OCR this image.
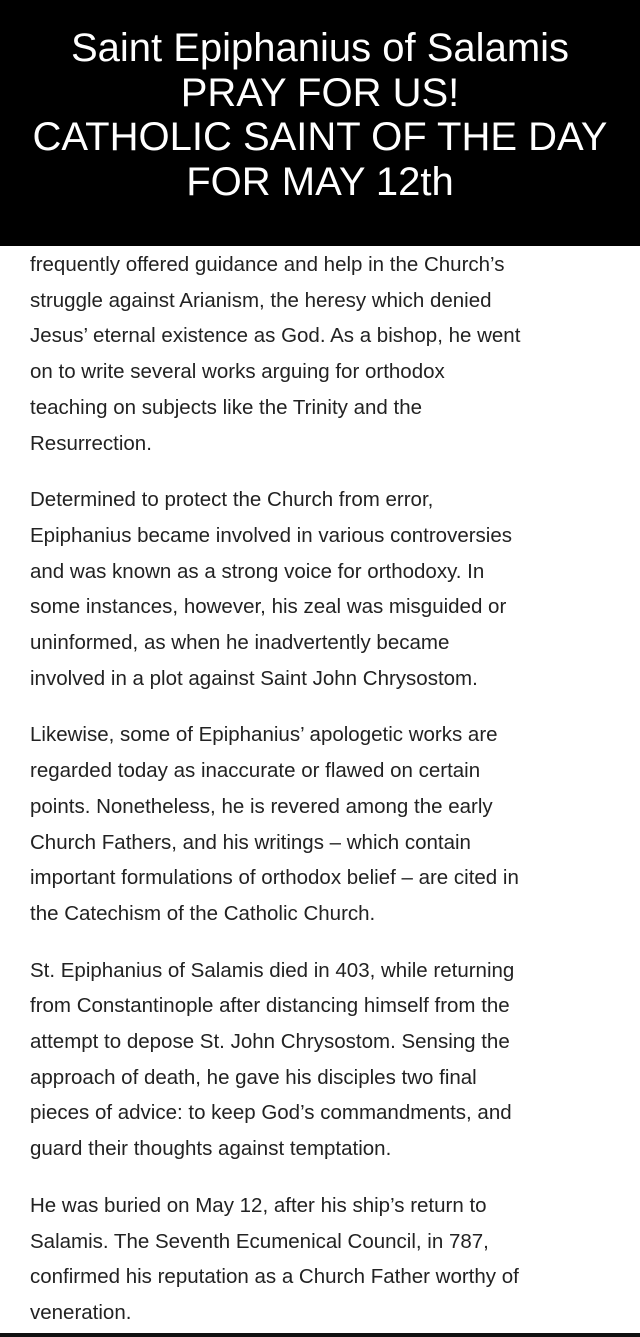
Saint Epiphanius of Salamis
PRAY FOR US!
CATHOLIC SAINT OF THE DAY
FOR MAY 12th

frequently offered guidance and help in the Church’s
struggle against Arianism, the heresy which denied
Jesus’ eternal existence as God. As a bishop, he went
on to write several works arguing for orthodox
teaching on subjects like the Trinity and the
Resurrection.

Determined to protect the Church from error,
Epiphanius became involved in various controversies
and was known as a strong voice for orthodoxy. In
some instances, however, his zeal was misguided or
uninformed, as when he inadvertently became
involved in a plot against Saint John Chrysostom.

Likewise, some of Epiphanius’ apologetic works are
regarded today as inaccurate or flawed on certain
points. Nonetheless, he is revered among the early
Church Fathers, and his writings – which contain
important formulations of orthodox belief – are cited in
the Catechism of the Catholic Church.

St. Epiphanius of Salamis died in 403, while returning
from Constantinople after distancing himself from the
attempt to depose St. John Chrysostom. Sensing the
approach of death, he gave his disciples two final
pieces of advice: to keep God’s commandments, and
guard their thoughts against temptation.

He was buried on May 12, after his ship’s return to
Salamis. The Seventh Ecumenical Council, in 787,
confirmed his reputation as a Church Father worthy of
veneration.
